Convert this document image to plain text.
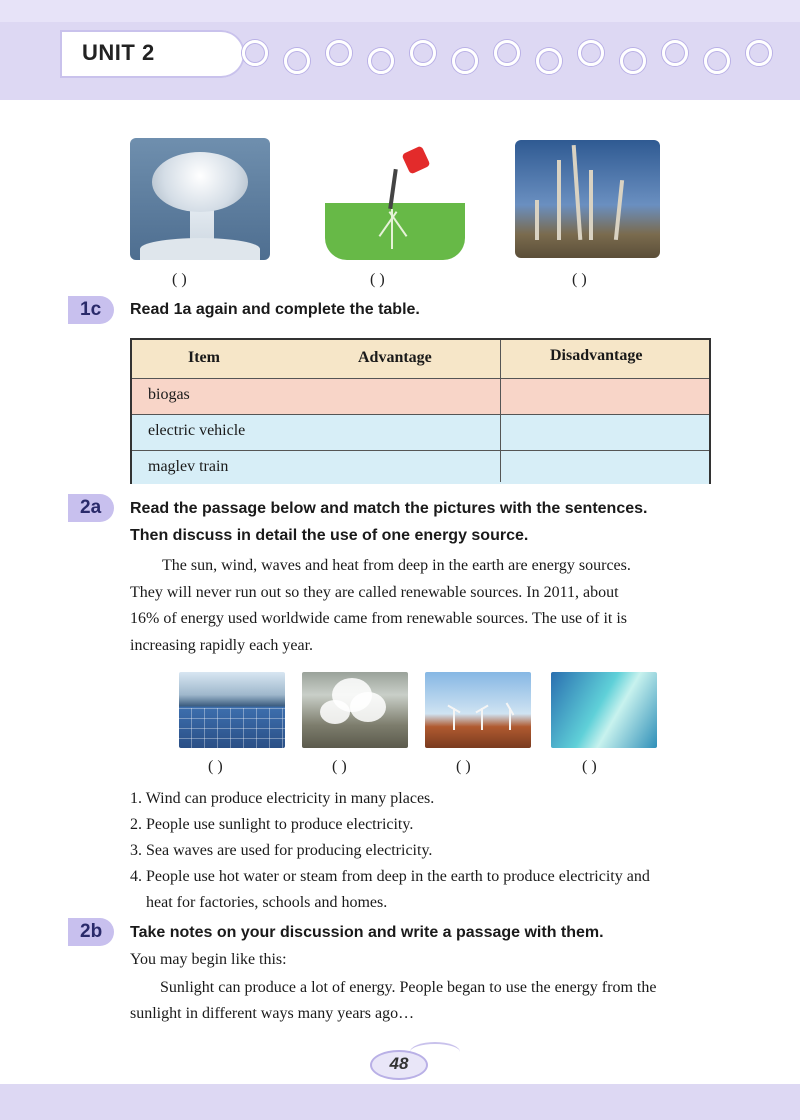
UNIT 2
( )	( )	( )
1c	Read 1a again and complete the table.
Item	Advantage	Disadvantage
biogas
electric vehicle
maglev train
2a	Read the passage below and match the pictures with the sentences.
Then discuss in detail the use of one energy source.
The sun, wind, waves and heat from deep in the earth are energy sources.
They will never run out so they are called renewable sources. In 2011, about
16% of energy used worldwide came from renewable sources. The use of it is
increasing rapidly each year.
( )	( )	( )	( )
1. Wind can produce electricity in many places.
2. People use sunlight to produce electricity.
3. Sea waves are used for producing electricity.
4. People use hot water or steam from deep in the earth to produce electricity and
heat for factories, schools and homes.
2b	Take notes on your discussion and write a passage with them.
You may begin like this:
Sunlight can produce a lot of energy. People began to use the energy from the
sunlight in different ways many years ago…
48
